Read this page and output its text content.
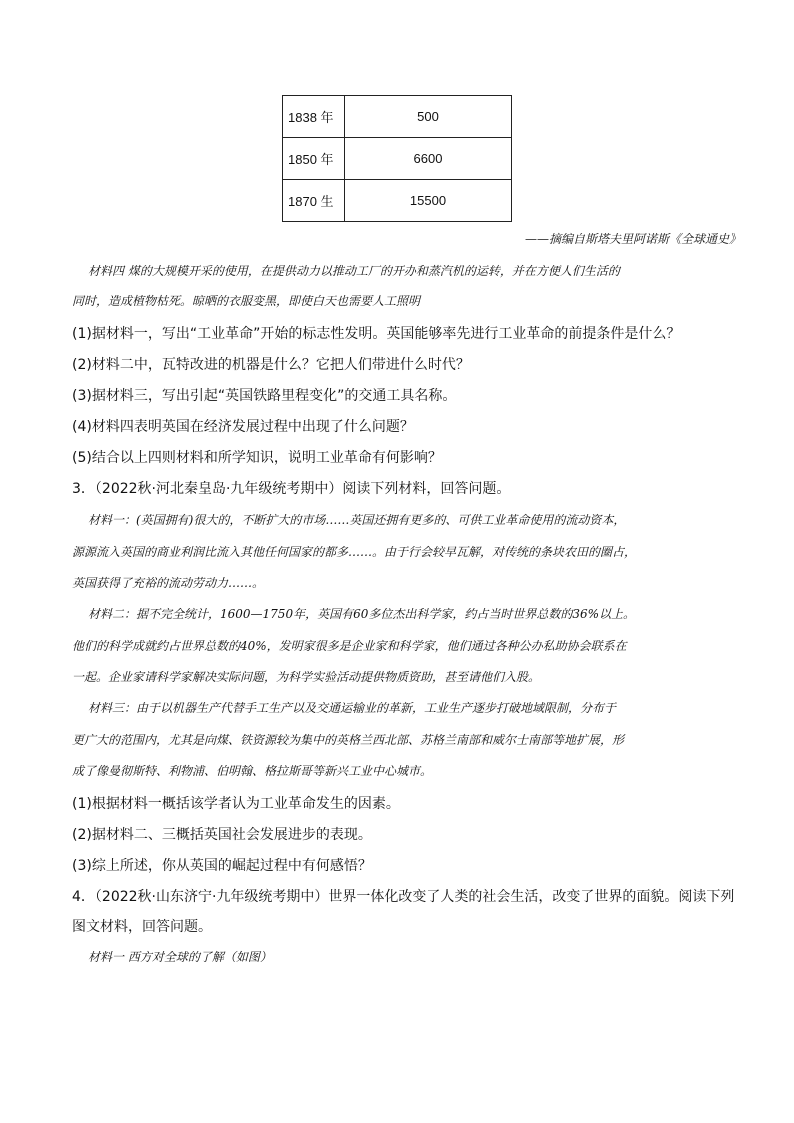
1838 年	500
1850 年	6600
1870 生	15500
——摘编自斯塔夫里阿诺斯《全球通史》
材料四 煤的大规模开采的使用，在提供动力以推动工厂的开办和蒸汽机的运转，并在方便人们生活的
同时，造成植物枯死。晾晒的衣服变黑，即使白天也需要人工照明
(1)据材料一，写出“工业革命”开始的标志性发明。英国能够率先进行工业革命的前提条件是什么？
(2)材料二中，瓦特改进的机器是什么？它把人们带进什么时代？
(3)据材料三，写出引起“英国铁路里程变化”的交通工具名称。
(4)材料四表明英国在经济发展过程中出现了什么问题？
(5)结合以上四则材料和所学知识，说明工业革命有何影响？
3．（2022秋·河北秦皇岛·九年级统考期中）阅读下列材料，回答问题。
材料一：(英国拥有)很大的，不断扩大的市场……英国还拥有更多的、可供工业革命使用的流动资本，
源源流入英国的商业利润比流入其他任何国家的都多……。由于行会较早瓦解，对传统的条块农田的圈占，
英国获得了充裕的流动劳动力……。
材料二：据不完全统计，1600—1750年，英国有60多位杰出科学家，约占当时世界总数的36%以上。
他们的科学成就约占世界总数的40%，发明家很多是企业家和科学家，他们通过各种公办私助协会联系在
一起。企业家请科学家解决实际问题，为科学实验活动提供物质资助，甚至请他们入股。
材料三：由于以机器生产代替手工生产以及交通运输业的革新，工业生产逐步打破地域限制，分布于
更广大的范围内，尤其是向煤、铁资源较为集中的英格兰西北部、苏格兰南部和威尔士南部等地扩展，形
成了像曼彻斯特、利物浦、伯明翰、格拉斯哥等新兴工业中心城市。
(1)根据材料一概括该学者认为工业革命发生的因素。
(2)据材料二、三概括英国社会发展进步的表现。
(3)综上所述，你从英国的崛起过程中有何感悟？
4．（2022秋·山东济宁·九年级统考期中）世界一体化改变了人类的社会生活，改变了世界的面貌。阅读下列
图文材料，回答问题。
材料一 西方对全球的了解（如图）
